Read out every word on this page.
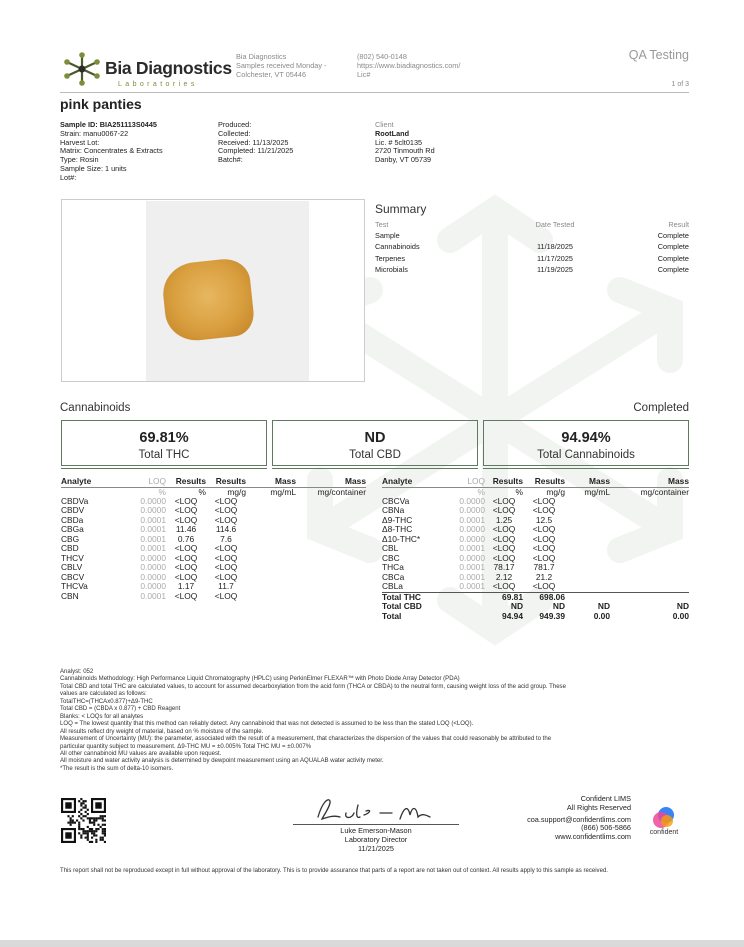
Bia Diagnostics
Laboratories
Bia Diagnostics
Samples received Monday -
Colchester, VT 05446
(802) 540-0148
https://www.biadiagnostics.com/
Lic#
QA Testing
1 of 3
pink panties
Sample ID: BIA251113S0445
Strain: manu0067-22
Harvest Lot:
Matrix: Concentrates & Extracts
Type: Rosin
Sample Size: 1 units
Lot#:
Produced:
Collected:
Received: 11/13/2025
Completed: 11/21/2025
Batch#:
Client
RootLand
Lic. # 5clt0135
2720 Tinmouth Rd
Danby, VT 05739
Summary
Test	Date Tested	Result
Sample		Complete
Cannabinoids	11/18/2025	Complete
Terpenes	11/17/2025	Complete
Microbials	11/19/2025	Complete
Cannabinoids	Completed
69.81%
Total THC
ND
Total CBD
94.94%
Total Cannabinoids
Analyte	LOQ	Results	Results	Mass	Mass
	%	%	mg/g	mg/mL	mg/container
CBDVa	0.0000	<LOQ	<LOQ		
CBDV	0.0000	<LOQ	<LOQ		
CBDa	0.0001	<LOQ	<LOQ		
CBGa	0.0001	11.46	114.6		
CBG	0.0001	0.76	7.6		
CBD	0.0001	<LOQ	<LOQ		
THCV	0.0000	<LOQ	<LOQ		
CBLV	0.0000	<LOQ	<LOQ		
CBCV	0.0000	<LOQ	<LOQ		
THCVa	0.0000	1.17	11.7		
CBN	0.0001	<LOQ	<LOQ		
Analyte	LOQ	Results	Results	Mass	Mass
	%	%	mg/g	mg/mL	mg/container
CBCVa	0.0000	<LOQ	<LOQ		
CBNa	0.0000	<LOQ	<LOQ		
Δ9-THC	0.0001	1.25	12.5		
Δ8-THC	0.0000	<LOQ	<LOQ		
Δ10-THC*	0.0000	<LOQ	<LOQ		
CBL	0.0001	<LOQ	<LOQ		
CBC	0.0000	<LOQ	<LOQ		
THCa	0.0001	78.17	781.7		
CBCa	0.0001	2.12	21.2		
CBLa	0.0001	<LOQ	<LOQ		
Total THC		69.81	698.06		
Total CBD		ND	ND	ND	ND
Total		94.94	949.39	0.00	0.00
Analyst: 052
Cannabinoids Methodology: High Performance Liquid Chromatography (HPLC) using PerkinElmer FLEXAR™ with Photo Diode Array Detector (PDA)
Total CBD and total THC are calculated values, to account for assumed decarboxylation from the acid form (THCA or CBDA) to the neutral form, causing weight loss of the acid group. These
values are calculated as follows:
TotalTHC=(THCAx0.877)+Δ9-THC
Total CBD = (CBDA x 0.877) + CBD Reagent
Blanks: < LOQs for all analytes
LOQ = The lowest quantity that this method can reliably detect. Any cannabinoid that was not detected is assumed to be less than the stated LOQ (<LOQ).
All results reflect dry weight of material, based on % moisture of the sample.
Measurement of Uncertainty (MU): the parameter, associated with the result of a measurement, that characterizes the dispersion of the values that could reasonably be attributed to the
particular quantity subject to measurement. Δ9-THC MU = ±0.005% Total THC MU = ±0.007%
All other cannabinoid MU values are available upon request.
All moisture and water activity analysis is determined by dewpoint measurement using an AQUALAB water activity meter.
*The result is the sum of delta-10 isomers.
Luke Emerson-Mason
Laboratory Director
11/21/2025
Confident LIMS
All Rights Reserved
coa.support@confidentlims.com
(866) 506-5866
www.confidentlims.com	confident
This report shall not be reproduced except in full without approval of the laboratory. This is to provide assurance that parts of a report are not taken out of context. All results apply to this sample as received.
